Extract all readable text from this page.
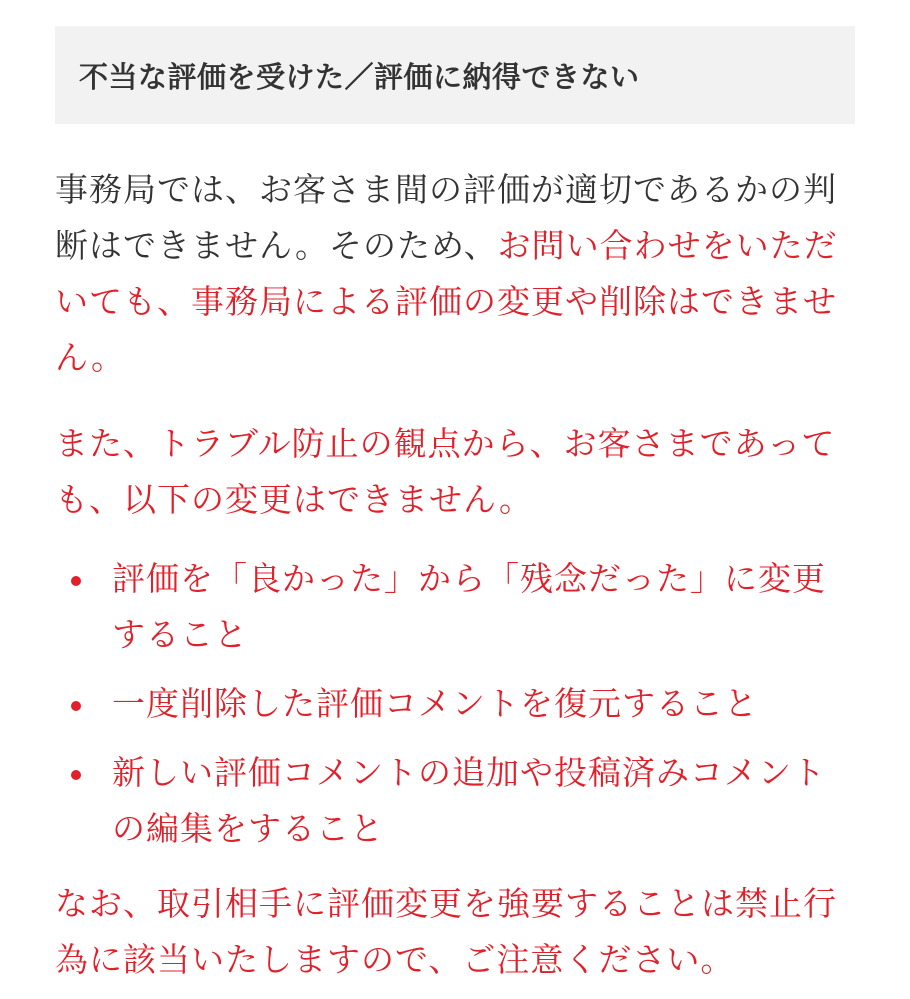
不当な評価を受けた／評価に納得できない

事務局では、お客さま間の評価が適切であるかの判断はできません。そのため、お問い合わせをいただいても、事務局による評価の変更や削除はできません。

また、トラブル防止の観点から、お客さまであっても、以下の変更はできません。

評価を「良かった」から「残念だった」に変更すること
一度削除した評価コメントを復元すること
新しい評価コメントの追加や投稿済みコメントの編集をすること

なお、取引相手に評価変更を強要することは禁止行為に該当いたしますので、ご注意ください。
